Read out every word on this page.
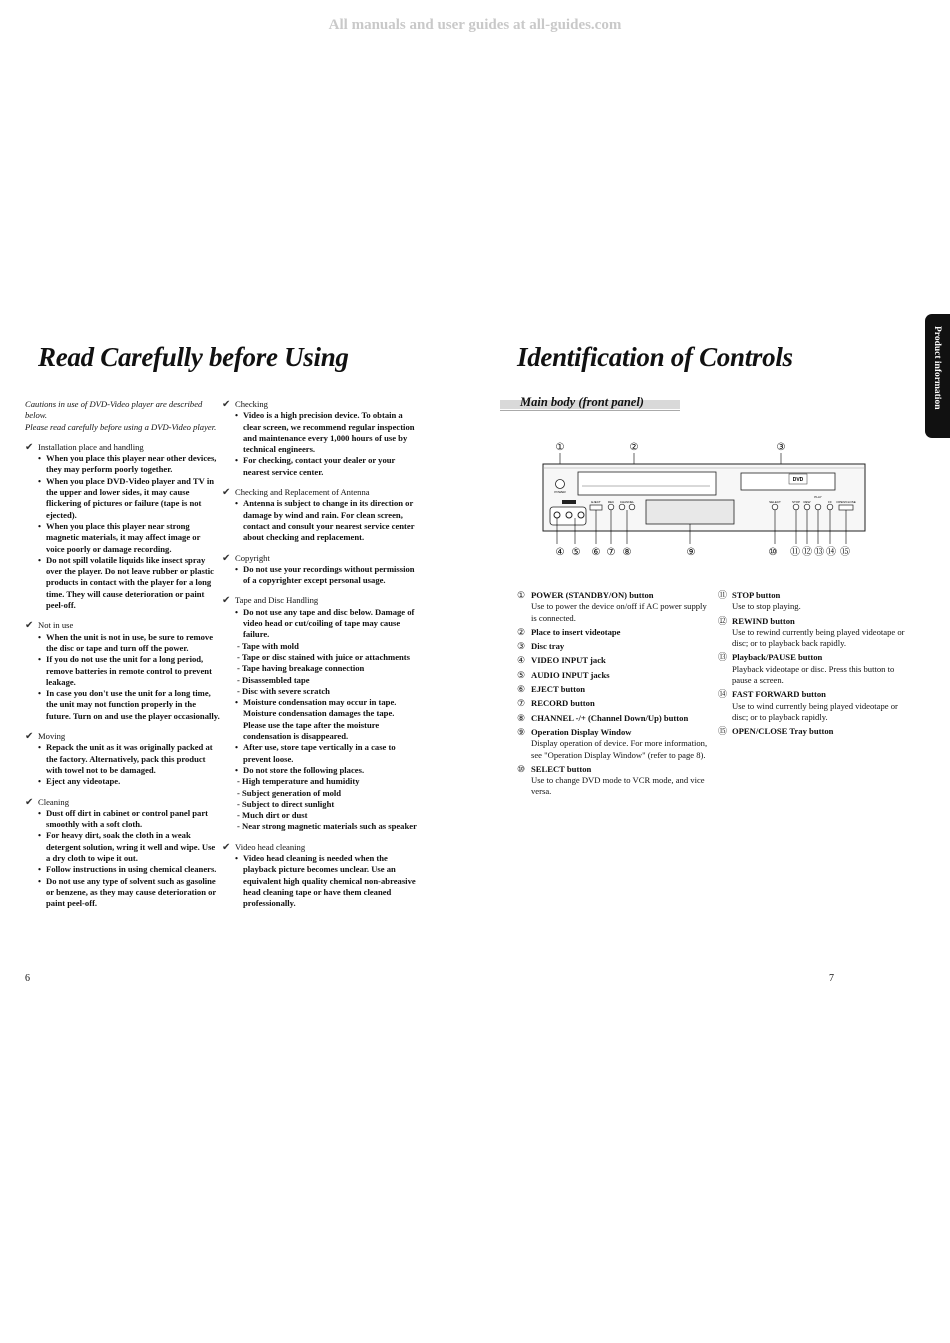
All manuals and user guides at all-guides.com
Read Carefully before Using	Identification of Controls	Product information
Cautions in use of DVD-Video player are described below.
Please read carefully before using a DVD-Video player.
✔ Installation place and handling
• When you place this player near other devices, they may perform poorly together.
• When you place DVD-Video player and TV in the upper and lower sides, it may cause flickering of pictures or failure (tape is not ejected).
• When you place this player near strong magnetic materials, it may affect image or voice poorly or damage recording.
• Do not spill volatile liquids like insect spray over the player. Do not leave rubber or plastic products in contact with the player for a long time. They will cause deterioration or paint peel-off.
✔ Not in use
• When the unit is not in use, be sure to remove the disc or tape and turn off the power.
• If you do not use the unit for a long period, remove batteries in remote control to prevent leakage.
• In case you don't use the unit for a long time, the unit may not function properly in the future. Turn on and use the player occasionally.
✔ Moving
• Repack the unit as it was originally packed at the factory. Alternatively, pack this product with towel not to be damaged.
• Eject any videotape.
✔ Cleaning
• Dust off dirt in cabinet or control panel part smoothly with a soft cloth.
• For heavy dirt, soak the cloth in a weak detergent solution, wring it well and wipe. Use a dry cloth to wipe it out.
• Follow instructions in using chemical cleaners.
• Do not use any type of solvent such as gasoline or benzene, as they may cause deterioration or paint peel-off.
✔ Checking
• Video is a high precision device. To obtain a clear screen, we recommend regular inspection and maintenance every 1,000 hours of use by technical engineers.
• For checking, contact your dealer or your nearest service center.
✔ Checking and Replacement of Antenna
• Antenna is subject to change in its direction or damage by wind and rain. For clean screen, contact and consult your nearest service center about checking and replacement.
✔ Copyright
• Do not use your recordings without permission of a copyrighter except personal usage.
✔ Tape and Disc Handling
• Do not use any tape and disc below. Damage of video head or cut/coiling of tape may cause failure.
- Tape with mold
- Tape or disc stained with juice or attachments
- Tape having breakage connection
- Disassembled tape
- Disc with severe scratch
• Moisture condensation may occur in tape. Moisture condensation damages the tape. Please use the tape after the moisture condensation is disappeared.
• After use, store tape vertically in a case to prevent loose.
• Do not store the following places.
- High temperature and humidity
- Subject generation of mold
- Subject to direct sunlight
- Much dirt or dust
- Near strong magnetic materials such as speaker
✔ Video head cleaning
• Video head cleaning is needed when the playback picture becomes unclear. Use an equivalent high quality chemical non-abreasive head cleaning tape or have them cleaned professionally.
Main body (front panel)
①	②	③
DVD
POWER
EJECT REC CHANNEL	SELECT	STOP REW
PLAY
FF OPEN/CLOSE
④ ⑤ ⑥ ⑦ ⑧	⑨	⑩ ⑪ ⑫ ⑬ ⑭ ⑮
① POWER (STANDBY/ON) button
Use to power the device on/off if AC power supply is connected.
② Place to insert videotape
③ Disc tray
④ VIDEO INPUT jack
⑤ AUDIO INPUT jacks
⑥ EJECT button
⑦ RECORD button
⑧ CHANNEL -/+ (Channel Down/Up) button
⑨ Operation Display Window
Display operation of device. For more information, see "Operation Display Window" (refer to page 8).
⑩ SELECT button
Use to change DVD mode to VCR mode, and vice versa.
⑪ STOP button
Use to stop playing.
⑫ REWIND button
Use to rewind currently being played videotape or disc; or to playback back rapidly.
⑬ Playback/PAUSE button
Playback videotape or disc. Press this button to pause a screen.
⑭ FAST FORWARD button
Use to wind currently being played videotape or disc; or to playback rapidly.
⑮ OPEN/CLOSE Tray button
6	7
